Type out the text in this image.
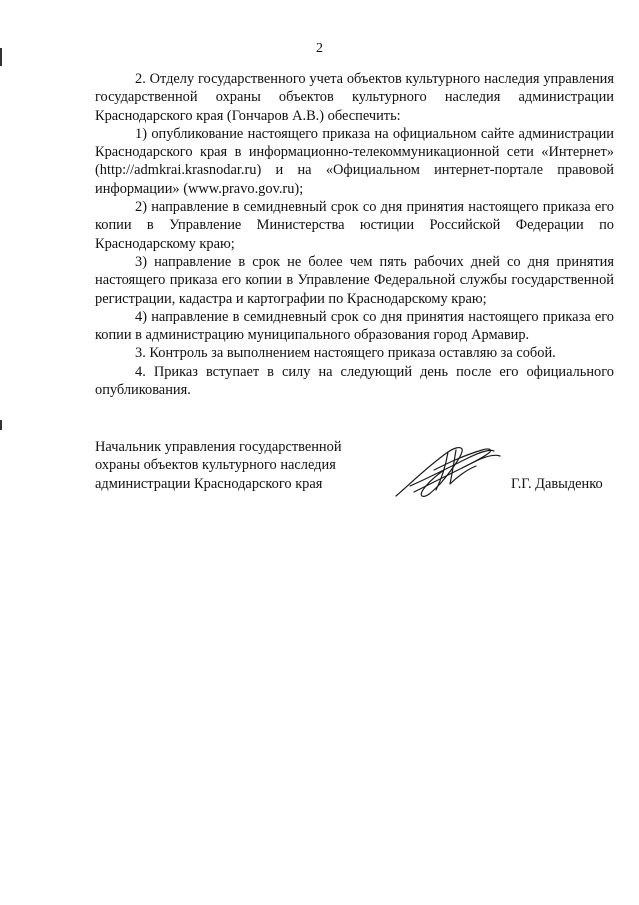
2

2. Отделу государственного учета объектов культурного наследия управления государственной охраны объектов культурного наследия администрации Краснодарского края (Гончаров А.В.) обеспечить:

1) опубликование настоящего приказа на официальном сайте администрации Краснодарского края в информационно-телекоммуникационной сети «Интернет» (http://admkrai.krasnodar.ru) и на «Официальном интернет-портале правовой информации» (www.pravo.gov.ru);

2) направление в семидневный срок со дня принятия настоящего приказа его копии в Управление Министерства юстиции Российской Федерации по Краснодарскому краю;

3) направление в срок не более чем пять рабочих дней со дня принятия настоящего приказа его копии в Управление Федеральной службы государственной регистрации, кадастра и картографии по Краснодарскому краю;

4) направление в семидневный срок со дня принятия настоящего приказа его копии в администрацию муниципального образования город Армавир.

3. Контроль за выполнением настоящего приказа оставляю за собой.

4. Приказ вступает в силу на следующий день после его официального опубликования.

Начальник управления государственной
охраны объектов культурного наследия
администрации Краснодарского края	Г.Г. Давыденко
